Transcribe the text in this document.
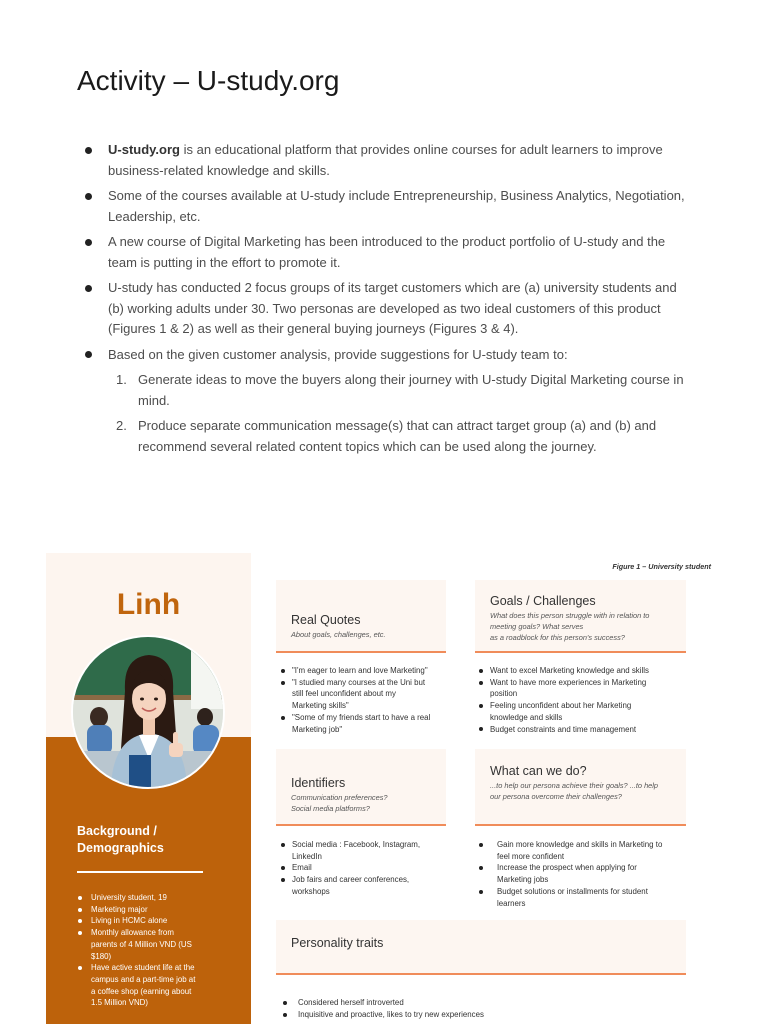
Activity – U-study.org
U-study.org is an educational platform that provides online courses for adult learners to improve business-related knowledge and skills.
Some of the courses available at U-study include Entrepreneurship, Business Analytics, Negotiation, Leadership, etc.
A new course of Digital Marketing has been introduced to the product portfolio of U-study and the team is putting in the effort to promote it.
U-study has conducted 2 focus groups of its target customers which are (a) university students and (b) working adults under 30. Two personas are developed as two ideal customers of this product (Figures 1 & 2) as well as their general buying journeys (Figures 3 & 4).
Based on the given customer analysis, provide suggestions for U-study team to:
1. Generate ideas to move the buyers along their journey with U-study Digital Marketing course in mind.
2. Produce separate communication message(s) that can attract target group (a) and (b) and recommend several related content topics which can be used along the journey.
Linh
Background / Demographics
University student, 19
Marketing major
Living in HCMC alone
Monthly allowance from parents of 4 Million VND (US $180)
Have active student life at the campus and a part-time job at a coffee shop (earning about 1.5 Million VND)
Figure 1 – University student
Real Quotes
About goals, challenges, etc.
"I'm eager to learn and love Marketing"
"I studied many courses at the Uni but still feel unconfident about my Marketing skills"
"Some of my friends start to have a real Marketing job"
Goals / Challenges
What does this person struggle with in relation to
meeting goals? What serves
as a roadblock for this person's success?
Want to excel Marketing knowledge and skills
Want to have more experiences in Marketing position
Feeling unconfident about her Marketing knowledge and skills
Budget constraints and time management
Identifiers
Communication preferences?
Social media platforms?
Social media : Facebook, Instagram, LinkedIn
Email
Job fairs and career conferences, workshops
What can we do?
...to help our persona achieve their goals? ...to help
our persona overcome their challenges?
Gain more knowledge and skills in Marketing to feel more confident
Increase the prospect when applying for Marketing jobs
Budget solutions or installments for student learners
Personality traits
Considered herself introverted
Inquisitive and proactive, likes to try new experiences
